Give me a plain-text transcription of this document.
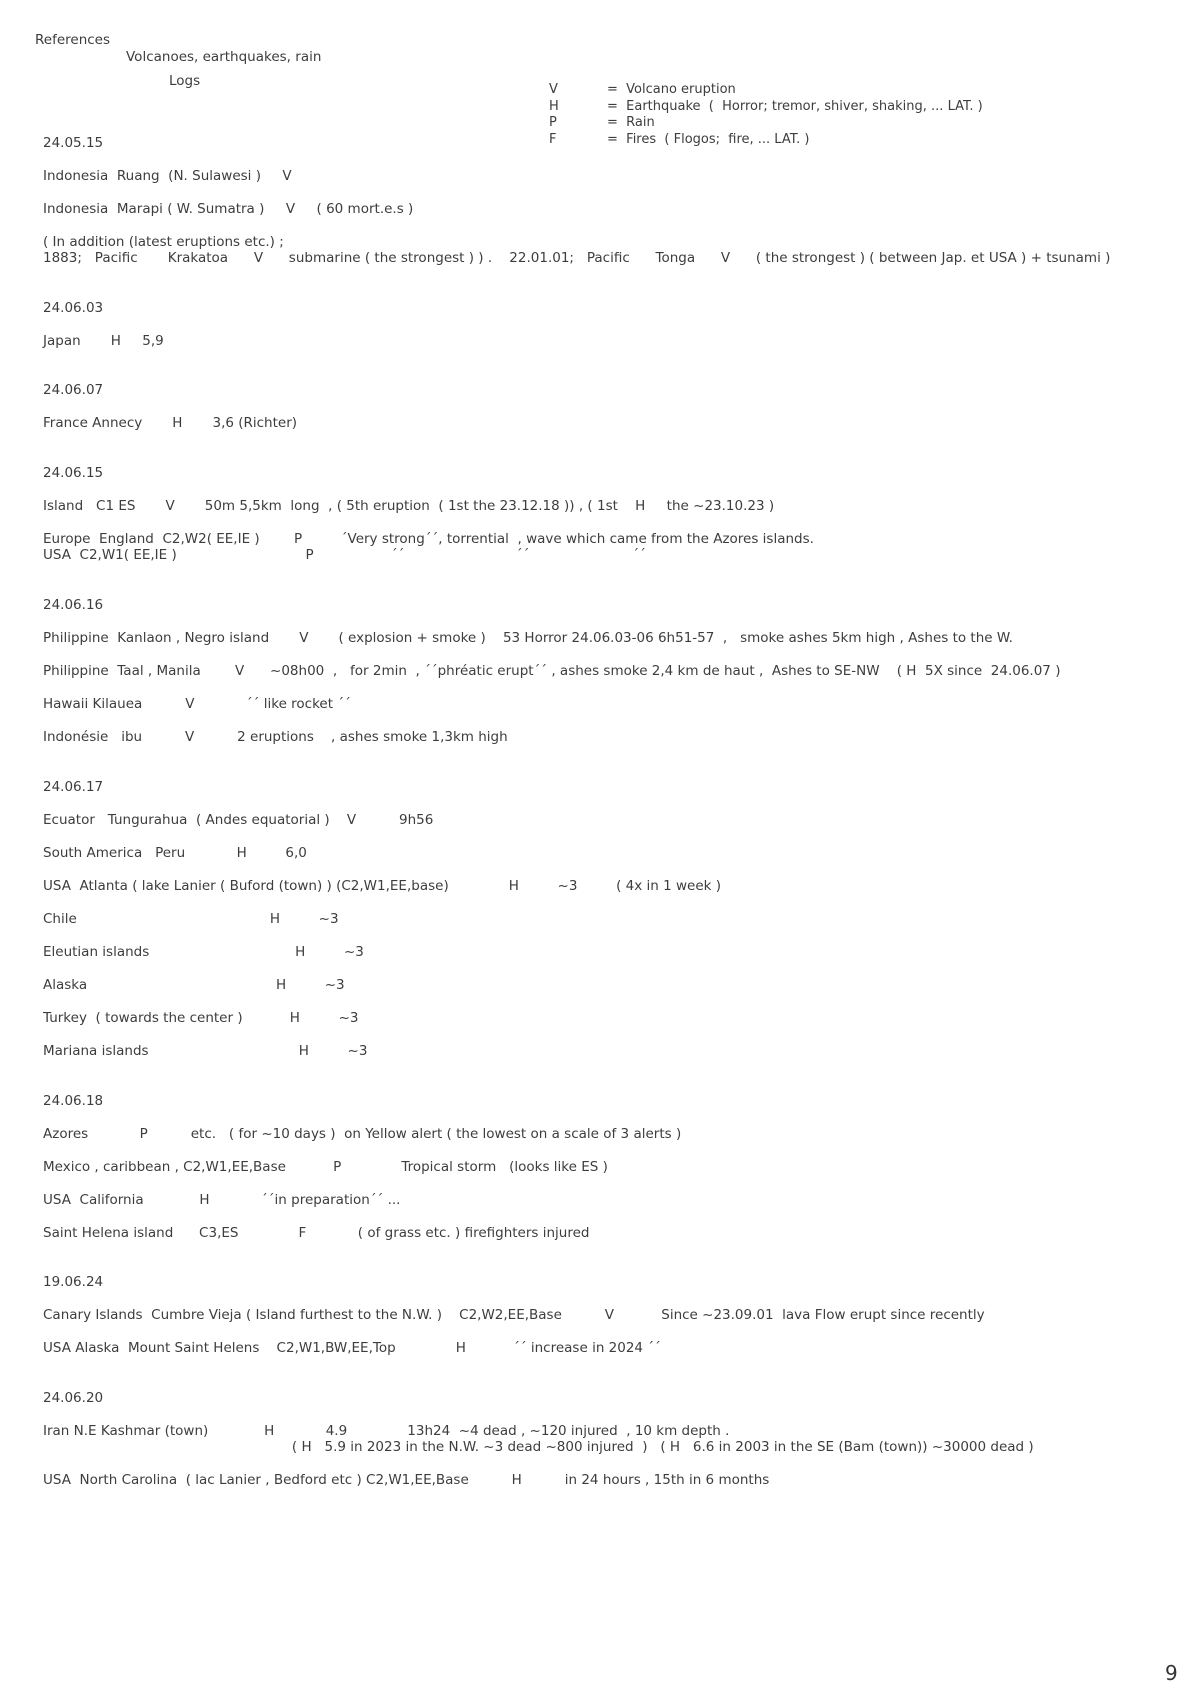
References
Volcanoes, earthquakes, rain
Logs
V	=  Volcano eruption
H	=  Earthquake  (  Horror; tremor, shiver, shaking, ... LAT. )
P	=  Rain
F	=  Fires  ( Flogos;  fire, ... LAT. )
24.05.15
Indonesia  Ruang  (N. Sulawesi )     V
Indonesia  Marapi ( W. Sumatra )     V     ( 60 mort.e.s )
( In addition (latest eruptions etc.) ;
1883;   Pacific       Krakatoa      V      submarine ( the strongest ) ) .    22.01.01;   Pacific      Tonga      V      ( the strongest ) ( between Jap. et USA ) + tsunami )
24.06.03
Japan       H     5,9
24.06.07
France Annecy       H       3,6 (Richter)
24.06.15
Island   C1 ES       V       50m 5,5km  long  , ( 5th eruption  ( 1st the 23.12.18 )) , ( 1st    H     the ~23.10.23 )
Europe  England  C2,W2( EE,IE )        P         ´Very strong´´, torrential  , wave which came from the Azores islands.
USA  C2,W1( EE,IE )                              P                  ´´                          ´´                        ´´
24.06.16
Philippine  Kanlaon , Negro island       V       ( explosion + smoke )    53 Horror 24.06.03-06 6h51-57  ,   smoke ashes 5km high , Ashes to the W.
Philippine  Taal , Manila        V      ~08h00  ,   for 2min  , ´´phréatic erupt´´ , ashes smoke 2,4 km de haut ,  Ashes to SE-NW    ( H  5X since  24.06.07 )
Hawaii Kilauea          V            ´´ like rocket ´´
Indonésie   ibu          V          2 eruptions    , ashes smoke 1,3km high
24.06.17
Ecuator   Tungurahua  ( Andes equatorial )    V          9h56
South America   Peru            H         6,0
USA  Atlanta ( lake Lanier ( Buford (town) ) (C2,W1,EE,base)              H         ~3         ( 4x in 1 week )
Chile                                             H         ~3
Eleutian islands                                  H         ~3
Alaska                                            H         ~3
Turkey  ( towards the center )           H         ~3
Mariana islands                                   H         ~3
24.06.18
Azores            P          etc.   ( for ~10 days )  on Yellow alert ( the lowest on a scale of 3 alerts )
Mexico , caribbean , C2,W1,EE,Base           P              Tropical storm   (looks like ES )
USA  California             H            ´´in preparation´´ ...
Saint Helena island      C3,ES              F            ( of grass etc. ) firefighters injured
19.06.24
Canary Islands  Cumbre Vieja ( Island furthest to the N.W. )    C2,W2,EE,Base          V           Since ~23.09.01  lava Flow erupt since recently
USA Alaska  Mount Saint Helens    C2,W1,BW,EE,Top              H           ´´ increase in 2024 ´´
24.06.20
Iran N.E Kashmar (town)             H            4.9              13h24  ~4 dead , ~120 injured  , 10 km depth .
( H   5.9 in 2023 in the N.W. ~3 dead ~800 injured  )   ( H   6.6 in 2003 in the SE (Bam (town)) ~30000 dead )
USA  North Carolina  ( lac Lanier , Bedford etc ) C2,W1,EE,Base          H          in 24 hours , 15th in 6 months
9
